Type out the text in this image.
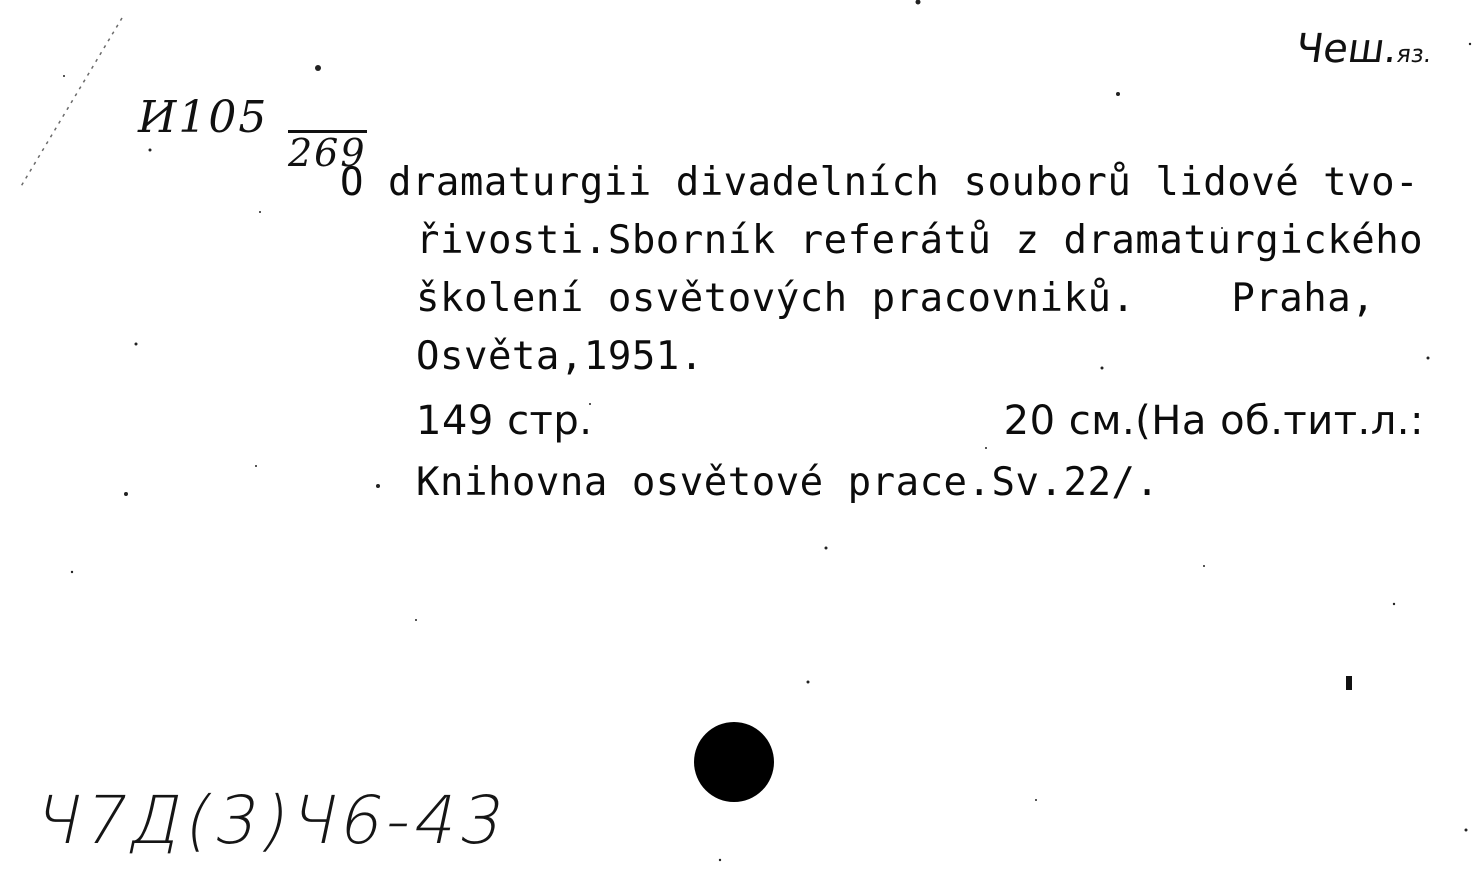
И105
269
Чеш.яз.
О dramaturgii divadelních souborů lidové tvo-
řivosti.Sborník referátů z dramaturgického
školení osvětových pracovniků.    Praha,
Osvěta,1951.
149 стр.	20 см.(На об.тит.л.:
Knihovna osvětové prace.Sv.22/.
Ч7Д(3)Ч6-43
